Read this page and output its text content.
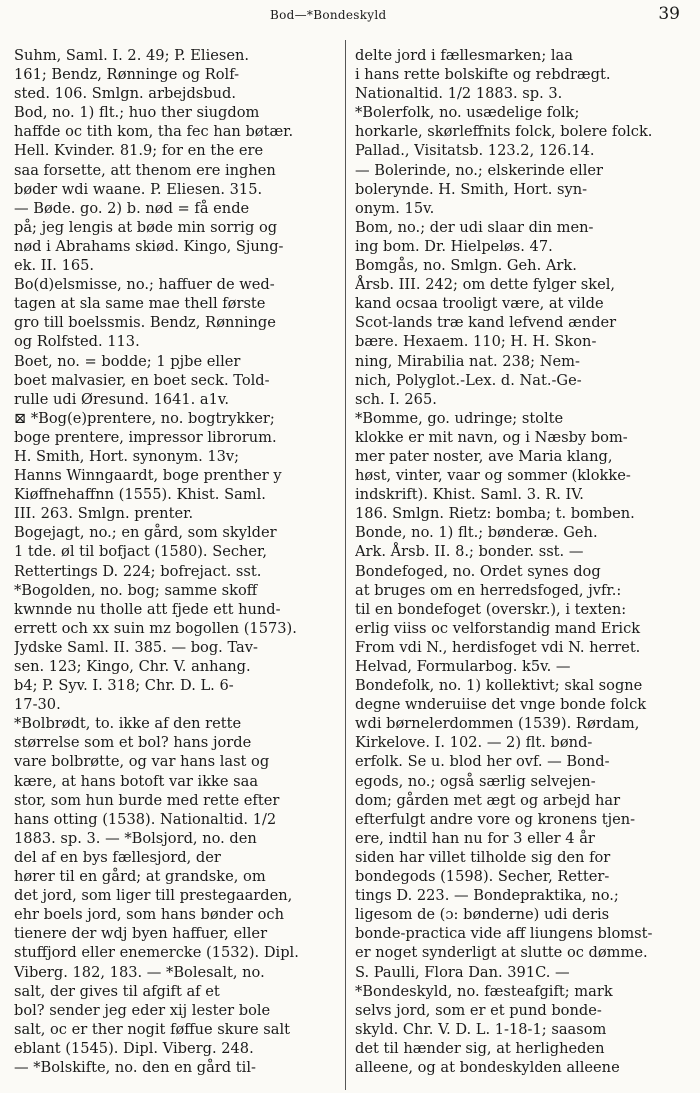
Bod—*Bondeskyld	39
Suhm, Saml. I. 2. 49; P. Eliesen.
161; Bendz, Rønninge og Rolf-
sted. 106. Smlgn. arbejdsbud.
Bod, no. 1) flt.; huo ther siugdom
haffde oc tith kom, tha fec han bøtær.
Hell. Kvinder. 81.9; for en the ere
saa forsette, att thenom ere inghen
bøder wdi waane. P. Eliesen. 315.
— Bøde. go. 2) b. nød = få ende
på; jeg lengis at bøde min sorrig og
nød i Abrahams skiød. Kingo, Sjung-
ek. II. 165.
Bo(d)elsmisse, no.; haffuer de wed-
tagen at sla same mae thell første
gro till boelssmis. Bendz, Rønninge
og Rolfsted. 113.
Boet, no. = bodde; 1 pjbe eller
boet malvasier, en boet seck. Told-
rulle udi Øresund. 1641. a1v.
⊠ *Bog(e)prentere, no. bogtrykker;
boge prentere, impressor librorum.
H. Smith, Hort. synonym. 13v;
Hanns Winngaardt, boge prenther y
Kiøffnehaffnn (1555). Khist. Saml.
III. 263. Smlgn. prenter.
Bogejagt, no.; en gård, som skylder
1 tde. øl til bofjact (1580). Secher,
Rettertings D. 224; bofrejact. sst.
*Bogolden, no. bog; samme skoff
kwnnde nu tholle att fjede ett hund-
errett och xx suin mz bogollen (1573).
Jydske Saml. II. 385. — bog. Tav-
sen. 123; Kingo, Chr. V. anhang.
b4; P. Syv. I. 318; Chr. D. L. 6-
17-30.
*Bolbrødt, to. ikke af den rette
størrelse som et bol? hans jorde
vare bolbrøtte, og var hans last og
kære, at hans botoft var ikke saa
stor, som hun burde med rette efter
hans otting (1538). Nationaltid. 1/2
1883. sp. 3. — *Bolsjord, no. den
del af en bys fællesjord, der
hører til en gård; at grandske, om
det jord, som liger till prestegaarden,
ehr boels jord, som hans bønder och
tienere der wdj byen haffuer, eller
stuffjord eller enemercke (1532). Dipl.
Viberg. 182, 183. — *Bolesalt, no.
salt, der gives til afgift af et
bol? sender jeg eder xij lester bole
salt, oc er ther nogit føffue skure salt
eblant (1545). Dipl. Viberg. 248.
— *Bolskifte, no. den en gård til-
delte jord i fællesmarken; laa
i hans rette bolskifte og rebdrægt.
Nationaltid. 1/2 1883. sp. 3.
*Bolerfolk, no. usædelige folk;
horkarle, skørleffnits folck, bolere folck.
Pallad., Visitatsb. 123.2, 126.14.
— Bolerinde, no.; elskerinde eller
bolerynde. H. Smith, Hort. syn-
onym. 15v.
Bom, no.; der udi slaar din men-
ing bom. Dr. Hielpeløs. 47.
Bomgås, no. Smlgn. Geh. Ark.
Årsb. III. 242; om dette fylger skel,
kand ocsaa trooligt være, at vilde
Scot-lands træ kand lefvend ænder
bære. Hexaem. 110; H. H. Skon-
ning, Mirabilia nat. 238; Nem-
nich, Polyglot.-Lex. d. Nat.-Ge-
sch. I. 265.
*Bomme, go. udringe; stolte
klokke er mit navn, og i Næsby bom-
mer pater noster, ave Maria klang,
høst, vinter, vaar og sommer (klokke-
indskrift). Khist. Saml. 3. R. IV.
186. Smlgn. Rietz: bomba; t. bomben.
Bonde, no. 1) flt.; bønderæ. Geh.
Ark. Årsb. II. 8.; bonder. sst. —
Bondefoged, no. Ordet synes dog
at bruges om en herredsfoged, jvfr.:
til en bondefoget (overskr.), i texten:
erlig viiss oc velforstandig mand Erick
From vdi N., herdisfoget vdi N. herret.
Helvad, Formularbog. k5v. —
Bondefolk, no. 1) kollektivt; skal sogne
degne wnderuiise det vnge bonde folck
wdi børnelerdommen (1539). Rørdam,
Kirkelove. I. 102. — 2) flt. bønd-
erfolk. Se u. blod her ovf. — Bond-
egods, no.; også særlig selvejen-
dom; gården met ægt og arbejd har
efterfulgt andre vore og kronens tjen-
ere, indtil han nu for 3 eller 4 år
siden har villet tilholde sig den for
bondegods (1598). Secher, Retter-
tings D. 223. — Bondepraktika, no.;
ligesom de (ɔ: bønderne) udi deris
bonde-practica vide aff liungens blomst-
er noget synderligt at slutte oc dømme.
S. Paulli, Flora Dan. 391C. —
*Bondeskyld, no. fæsteafgift; mark
selvs jord, som er et pund bonde-
skyld. Chr. V. D. L. 1-18-1; saasom
det til hænder sig, at herligheden
alleene, og at bondeskylden alleene
